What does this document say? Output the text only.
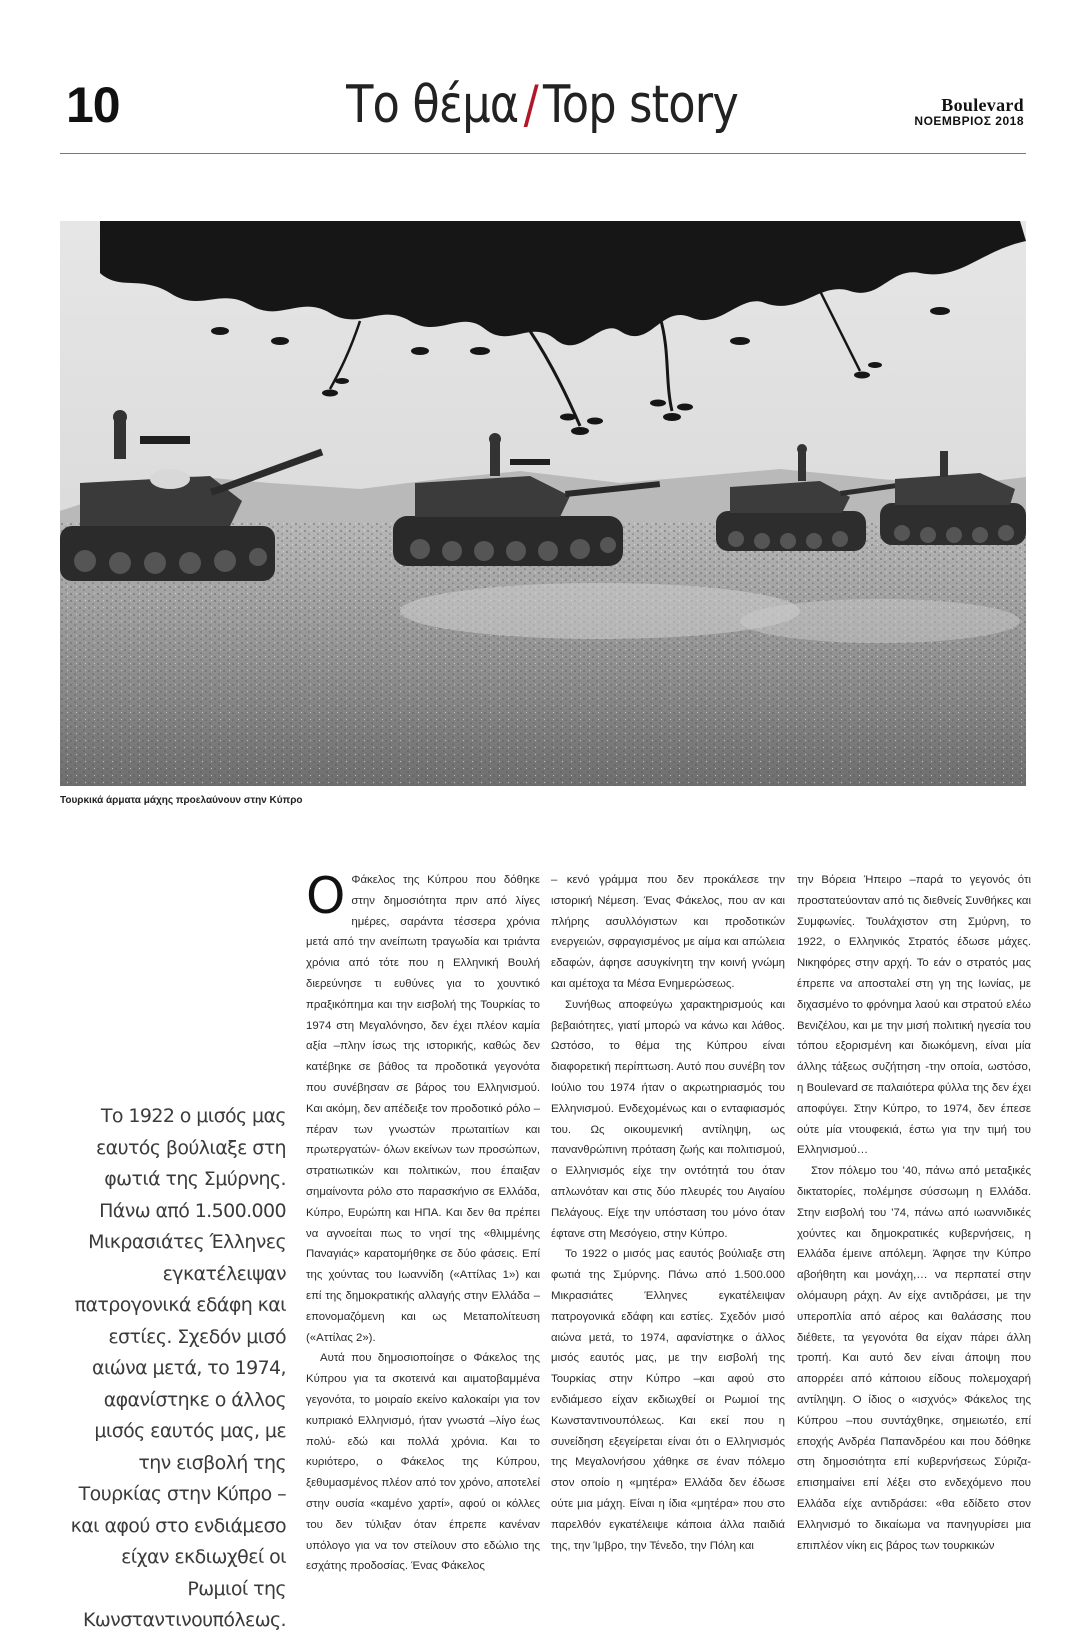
10	Το θέμα/Top story	Boulevard
ΝΟΕΜΒΡΙΟΣ 2018
Τουρκικά άρματα μάχης προελαύνουν στην Κύπρο
Το 1922 ο μισός μας εαυτός βούλιαξε στη φωτιά της Σμύρνης. Πάνω από 1.500.000 Μικρασιάτες Έλληνες εγκατέλειψαν πατρογονικά εδάφη και εστίες. Σχεδόν μισό αιώνα μετά, το 1974, αφανίστηκε ο άλλος μισός εαυτός μας, με την εισβολή της Τουρκίας στην Κύπρο –και αφού στο ενδιάμεσο είχαν εκδιωχθεί οι Ρωμιοί της Κωνσταντινουπόλεως.

Ο Φάκελος της Κύπρου που δόθηκε στην δημοσιότητα πριν από λίγες ημέρες, σαράντα τέσσερα χρόνια μετά από την ανείπωτη τραγωδία και τριάντα χρόνια από τότε που η Ελληνική Βουλή διερεύνησε τι ευθύνες για το χουντικό πραξικόπημα και την εισβολή της Τουρκίας το 1974 στη Μεγαλόνησο, δεν έχει πλέον καμία αξία –πλην ίσως της ιστορικής, καθώς δεν κατέβηκε σε βάθος τα προδοτικά γεγονότα που συνέβησαν σε βάρος του Ελληνισμού. Και ακόμη, δεν απέδειξε τον προδοτικό ρόλο –πέραν των γνωστών πρωταιτίων και πρωτεργατών- όλων εκείνων των προσώπων, στρατιωτικών και πολιτικών, που έπαιξαν σημαίνοντα ρόλο στο παρασκήνιο σε Ελλάδα, Κύπρο, Ευρώπη και ΗΠΑ. Και δεν θα πρέπει να αγνοείται πως το νησί της «θλιμμένης Παναγιάς» καρατομήθηκε σε δύο φάσεις. Επί της χούντας του Ιωαννίδη («Αττίλας 1») και επί της δημοκρατικής αλλαγής στην Ελλάδα –επονομαζόμενη και ως Μεταπολίτευση («Αττίλας 2»).

Αυτά που δημοσιοποίησε ο Φάκελος της Κύπρου για τα σκοτεινά και αιματοβαμμένα γεγονότα, το μοιραίο εκείνο καλοκαίρι για τον κυπριακό Ελληνισμό, ήταν γνωστά –λίγο έως πολύ- εδώ και πολλά χρόνια. Και το κυριότερο, ο Φάκελος της Κύπρου, ξεθυμασμένος πλέον από τον χρόνο, αποτελεί στην ουσία «καμένο χαρτί», αφού οι κόλλες του δεν τύλιξαν όταν έπρεπε κανέναν υπόλογο για να τον στείλουν στο εδώλιο της εσχάτης προδοσίας. Ένας Φάκελος

– κενό γράμμα που δεν προκάλεσε την ιστορική Νέμεση. Ένας Φάκελος, που αν και πλήρης ασυλλόγιστων και προδοτικών ενεργειών, σφραγισμένος με αίμα και απώλεια εδαφών, άφησε ασυγκίνητη την κοινή γνώμη και αμέτοχα τα Μέσα Ενημερώσεως.

Συνήθως αποφεύγω χαρακτηρισμούς και βεβαιότητες, γιατί μπορώ να κάνω και λάθος. Ωστόσο, το θέμα της Κύπρου είναι διαφορετική περίπτωση. Αυτό που συνέβη τον Ιούλιο του 1974 ήταν ο ακρωτηριασμός του Ελληνισμού. Ενδεχομένως και ο ενταφιασμός του. Ως οικουμενική αντίληψη, ως πανανθρώπινη πρόταση ζωής και πολιτισμού, ο Ελληνισμός είχε την οντότητά του όταν απλωνόταν και στις δύο πλευρές του Αιγαίου Πελάγους. Είχε την υπόσταση του μόνο όταν έφτανε στη Μεσόγειο, στην Κύπρο.

Το 1922 ο μισός μας εαυτός βούλιαξε στη φωτιά της Σμύρνης. Πάνω από 1.500.000 Μικρασιάτες Έλληνες εγκατέλειψαν πατρογονικά εδάφη και εστίες. Σχεδόν μισό αιώνα μετά, το 1974, αφανίστηκε ο άλλος μισός εαυτός μας, με την εισβολή της Τουρκίας στην Κύπρο –και αφού στο ενδιάμεσο είχαν εκδιωχθεί οι Ρωμιοί της Κωνσταντινουπόλεως. Και εκεί που η συνείδηση εξεγείρεται είναι ότι ο Ελληνισμός της Μεγαλονήσου χάθηκε σε έναν πόλεμο στον οποίο η «μητέρα» Ελλάδα δεν έδωσε ούτε μια μάχη. Είναι η ίδια «μητέρα» που στο παρελθόν εγκατέλειψε κάποια άλλα παιδιά της, την Ίμβρο, την Τένεδο, την Πόλη και

την Βόρεια Ήπειρο –παρά το γεγονός ότι προστατεύονταν από τις διεθνείς Συνθήκες και Συμφωνίες. Τουλάχιστον στη Σμύρνη, το 1922, ο Ελληνικός Στρατός έδωσε μάχες. Νικηφόρες στην αρχή. Το εάν ο στρατός μας έπρεπε να αποσταλεί στη γη της Ιωνίας, με διχασμένο το φρόνημα λαού και στρατού ελέω Βενιζέλου, και με την μισή πολιτική ηγεσία του τόπου εξορισμένη και διωκόμενη, είναι μία άλλης τάξεως συζήτηση -την οποία, ωστόσο, η Boulevard σε παλαιότερα φύλλα της δεν έχει αποφύγει. Στην Κύπρο, το 1974, δεν έπεσε ούτε μία ντουφεκιά, έστω για την τιμή του Ελληνισμού…

Στον πόλεμο του '40, πάνω από μεταξικές δικτατορίες, πολέμησε σύσσωμη η Ελλάδα. Στην εισβολή του '74, πάνω από ιωαννιδικές χούντες και δημοκρατικές κυβερνήσεις, η Ελλάδα έμεινε απόλεμη. Άφησε την Κύπρο αβοήθητη και μονάχη,… να περπατεί στην ολόμαυρη ράχη. Αν είχε αντιδράσει, με την υπεροπλία από αέρος και θαλάσσης που διέθετε, τα γεγονότα θα είχαν πάρει άλλη τροπή. Και αυτό δεν είναι άποψη που απορρέει από κάποιου είδους πολεμοχαρή αντίληψη. Ο ίδιος ο «ισχνός» Φάκελος της Κύπρου –που συντάχθηκε, σημειωτέο, επί εποχής Ανδρέα Παπανδρέου και που δόθηκε στη δημοσιότητα επί κυβερνήσεως Σύριζα- επισημαίνει επί λέξει στο ενδεχόμενο που Ελλάδα είχε αντιδράσει: «θα εδίδετο στον Ελληνισμό το δικαίωμα να πανηγυρίσει μια επιπλέον νίκη εις βάρος των τουρκικών
